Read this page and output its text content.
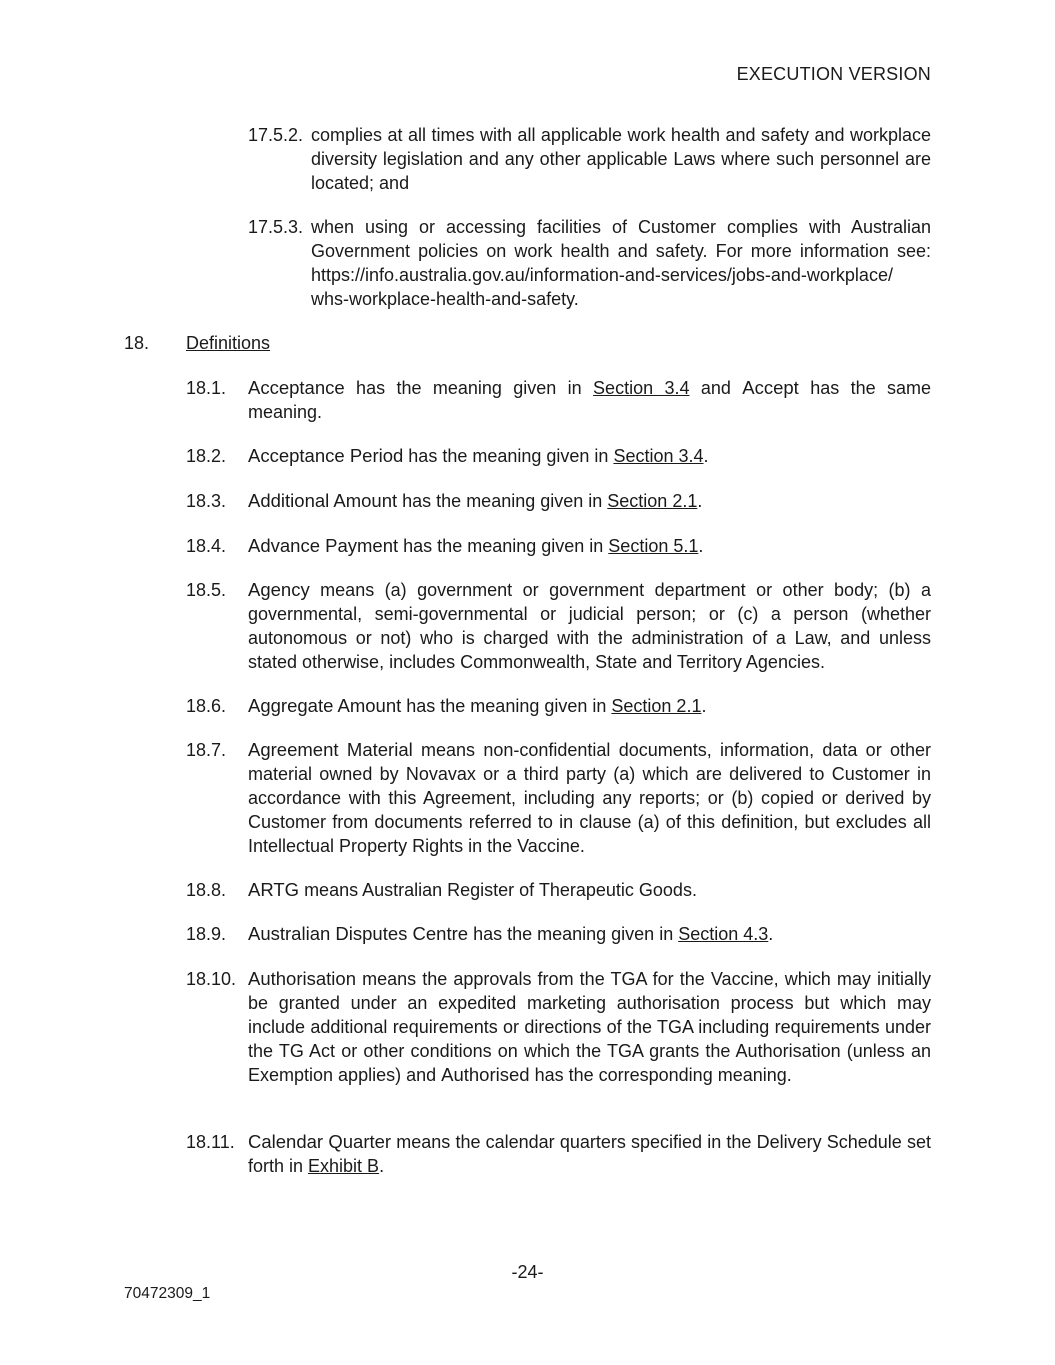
EXECUTION VERSION
17.5.2. complies at all times with all applicable work health and safety and workplace diversity legislation and any other applicable Laws where such personnel are located; and
17.5.3. when using or accessing facilities of Customer complies with Australian Government policies on work health and safety. For more information see: https://info.australia.gov.au/information-and-services/jobs-and-workplace/ whs-workplace-health-and-safety.
18. Definitions
18.1. Acceptance has the meaning given in Section 3.4 and Accept has the same meaning.
18.2. Acceptance Period has the meaning given in Section 3.4.
18.3. Additional Amount has the meaning given in Section 2.1.
18.4. Advance Payment has the meaning given in Section 5.1.
18.5. Agency means (a) government or government department or other body; (b) a governmental, semi-governmental or judicial person; or (c) a person (whether autonomous or not) who is charged with the administration of a Law, and unless stated otherwise, includes Commonwealth, State and Territory Agencies.
18.6. Aggregate Amount has the meaning given in Section 2.1.
18.7. Agreement Material means non-confidential documents, information, data or other material owned by Novavax or a third party (a) which are delivered to Customer in accordance with this Agreement, including any reports; or (b) copied or derived by Customer from documents referred to in clause (a) of this definition, but excludes all Intellectual Property Rights in the Vaccine.
18.8. ARTG means Australian Register of Therapeutic Goods.
18.9. Australian Disputes Centre has the meaning given in Section 4.3.
18.10. Authorisation means the approvals from the TGA for the Vaccine, which may initially be granted under an expedited marketing authorisation process but which may include additional requirements or directions of the TGA including requirements under the TG Act or other conditions on which the TGA grants the Authorisation (unless an Exemption applies) and Authorised has the corresponding meaning.
18.11. Calendar Quarter means the calendar quarters specified in the Delivery Schedule set forth in Exhibit B.
-24-
70472309_1
